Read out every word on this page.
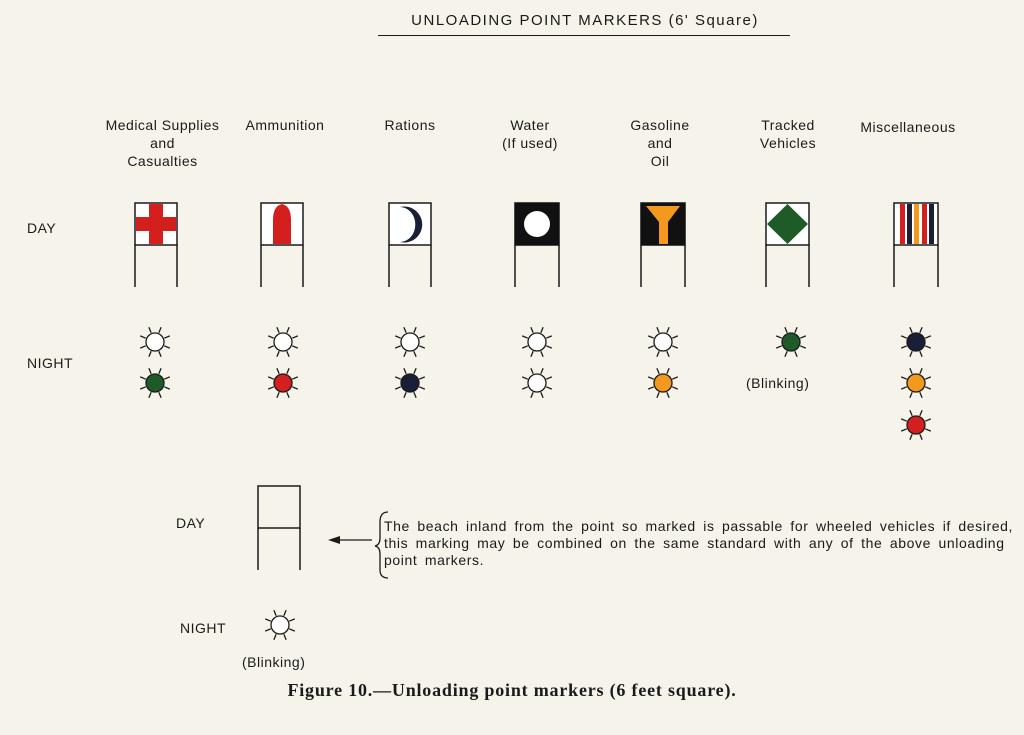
UNLOADING POINT MARKERS (6' Square)
Medical Supplies
and
Casualties
Ammunition	Rations	Water
(If used)
Gasoline
and
Oil
Tracked
Vehicles
Miscellaneous
DAY
NIGHT
(Blinking)
DAY
NIGHT
(Blinking)
The beach inland from the point so marked is passable for wheeled vehicles if desired, this marking may be combined on the same standard with any of the above unloading point markers.
Figure 10.—Unloading point markers (6 feet square).
